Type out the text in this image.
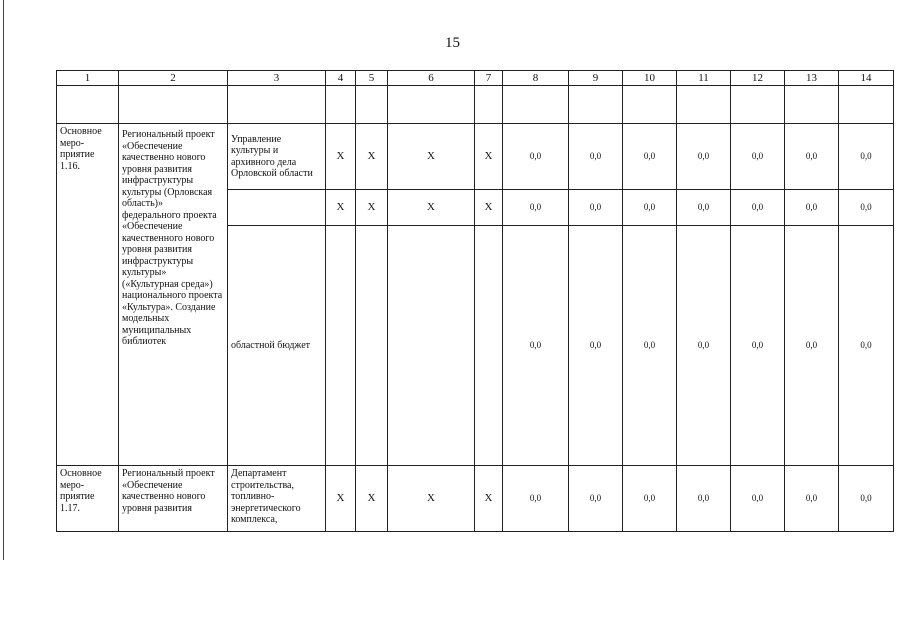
15
1	2	3	4	5	6	7	8	9	10	11	12	13	14

Основное меро-приятие 1.16.	Региональный проект «Обеспечение качественно нового уровня развития инфраструктуры культуры (Орловская область)» федерального проекта «Обеспечение качественного нового уровня развития инфраструктуры культуры» («Культурная среда») национального проекта «Культура». Создание модельных муниципальных библиотек	Управление культуры и архивного дела Орловской области	Х	Х	Х	Х	0,0	0,0	0,0	0,0	0,0	0,0	0,0
			Х	Х	Х	Х	0,0	0,0	0,0	0,0	0,0	0,0	0,0
		областной бюджет					0,0	0,0	0,0	0,0	0,0	0,0	0,0
Основное меро-приятие 1.17.	Региональный проект «Обеспечение качественно нового уровня развития	Департамент строительства, топливно-энергетического комплекса,	Х	Х	Х	Х	0,0	0,0	0,0	0,0	0,0	0,0	0,0
